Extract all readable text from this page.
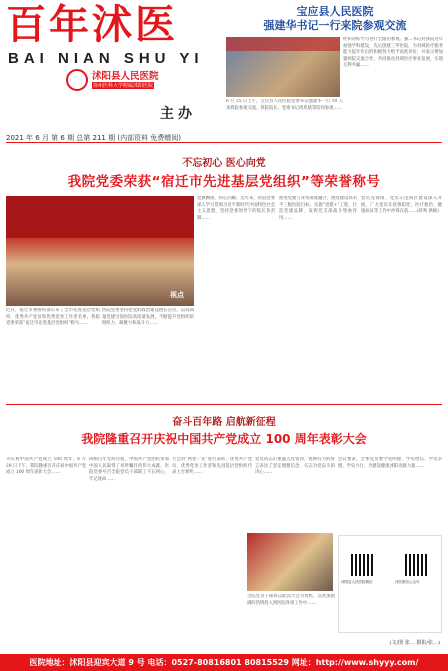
百年沭医
BAI NIAN SHU YI
沭阳县人民医院
徐州医科大学附属沭阳医院
主办
2021 年 6 月 第 6 期 总第 211 期 (内部资料 免费赠阅)
宝应县人民医院
强建华书记一行来院参观交流
经和对标学习进行全面的参观。强…书记对我院近年加强学科建设，先后创建三甲医院，为县域医疗服务能力提升作出的积极努力给予高度评价，并表示要加强两院交流合作，共同推动县域医疗事业发展，实现互利共赢……
6 月 25 日上午，宝应县人民医院党委书记强建华一行 10 人来我院参观交流。我院院长、党委书记周兆斌等陪同参观……
不忘初心 医心向党
我院党委荣获“宿迁市先进基层党组织”等荣誉称号
视点
近日，宿迁市委组织部公布了全市先进基层党组织、优秀共产党员和优秀党务工作者名单，我院党委荣获“宿迁市先进基层党组织”称号……
医院党委坚持把党的政治建设摆在首位，以高质量党建引领医院高质量发展，不断提升党组织的组织力、凝聚力和战斗力……
党旗飘扬，初心闪耀。近年来，医院党委深入学习贯彻习近平新时代中国特色社会主义思想，坚持党委领导下的院长负责制……
推进党建与业务深度融合，围绕建设高水平三级医院目标，实施“党建+”工程，打造党建品牌，发挥党支部战斗堡垒作用……
党员先锋岗、党员示范病区建设深入开展，广大党员在疫情防控、医疗救治、健康扶贫等工作中冲锋在前……(蒋鸣 供稿)
奋斗百年路 启航新征程
我院隆重召开庆祝中国共产党成立 100 周年表彰大会
为庆祝中国共产党成立 100 周年，6 月 29 日下午，我院隆重召开庆祝中国共产党成立 100 周年表彰大会……
回顾百年光辉历程，中国共产党团结带领中国人民取得了举世瞩目的伟大成就。医院党委号召全院党员干部职工不忘初心、牢记使命……
大会对“两优一先”进行表彰，优秀共产党员、优秀党务工作者和先进基层党组织代表上台领奖……
党员同志们重温入党誓词，铿锵有力的誓言表达了坚定理想信念、矢志为党奋斗的决心……
会议要求，全体党员要学史明理、学史增信、学史崇德、学史力行，为建设健康沭阳贡献力量……
全院党员干部将以此次大会为契机，以更加饱满的热情投入到医院各项工作中……
沭阳县人民医院微信	沭医微信公众号
(文/图 张… 摄影/张…)
医院地址：沭阳县迎宾大道 9 号 电话：0527-80816801 80815529 网址：http://www.shyyy.com/
